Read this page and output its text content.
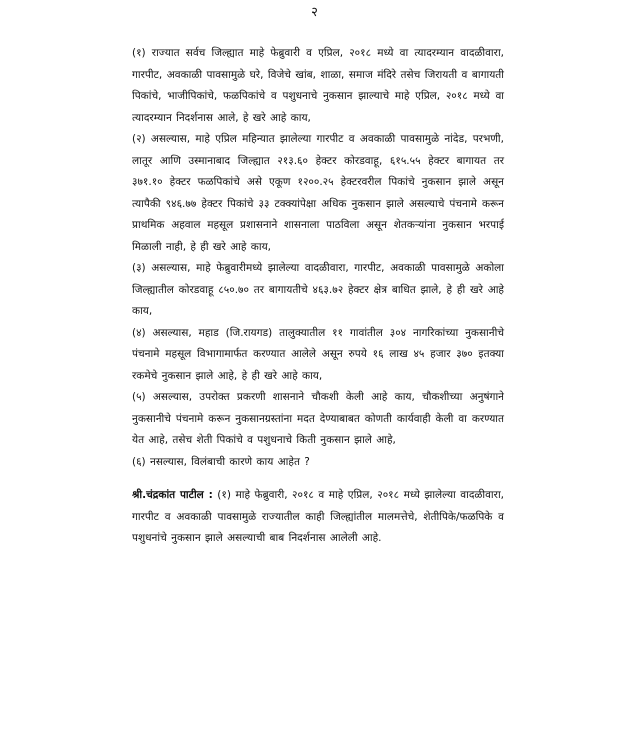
२

(१) राज्यात सर्वच जिल्ह्यात माहे फेब्रुवारी व एप्रिल, २०१८ मध्ये वा त्यादरम्यान वादळीवारा, गारपीट, अवकाळी पावसामुळे घरे, विजेचे खांब, शाळा, समाज मंदिरे तसेच जिरायती व बागायती पिकांचे, भाजीपिकांचे, फळपिकांचे व पशुधनाचे नुकसान झाल्याचे माहे एप्रिल, २०१८ मध्ये वा त्यादरम्यान निदर्शनास आले, हे खरे आहे काय,

(२) असल्यास, माहे एप्रिल महिन्यात झालेल्या गारपीट व अवकाळी पावसामुळे नांदेड, परभणी, लातूर आणि उस्मानाबाद जिल्ह्यात २१३.६० हेक्टर कोरडवाहू, ६१५.५५ हेक्टर बागायत तर ३७१.१० हेक्टर फळपिकांचे असे एकूण १२००.२५ हेक्टरवरील पिकांचे नुकसान झाले असून त्यापैकी ९४६.७७ हेक्टर पिकांचे ३३ टक्क्यांपेक्षा अधिक नुकसान झाले असल्याचे पंचनामे करून प्राथमिक अहवाल महसूल प्रशासनाने शासनाला पाठविला असून शेतकऱ्यांना नुकसान भरपाई मिळाली नाही, हे ही खरे आहे काय,

(३) असल्यास, माहे फेब्रुवारीमध्ये झालेल्या वादळीवारा, गारपीट, अवकाळी पावसामुळे अकोला जिल्ह्यातील कोरडवाहू ८५०.७० तर बागायतीचे ४६३.७२ हेक्टर क्षेत्र बाधित झाले, हे ही खरे आहे काय,

(४) असल्यास, महाड (जि.रायगड) तालुक्यातील ११ गावांतील ३०४ नागरिकांच्या नुकसानीचे पंचनामे महसूल विभागामार्फत करण्यात आलेले असून रुपये १६ लाख ४५ हजार ३७० इतक्या रकमेचे नुकसान झाले आहे, हे ही खरे आहे काय,

(५) असल्यास, उपरोक्त प्रकरणी शासनाने चौकशी केली आहे काय, चौकशीच्या अनुषंगाने नुकसानीचे पंचनामे करून नुकसानग्रस्तांना मदत देण्याबाबत कोणती कार्यवाही केली वा करण्यात येत आहे, तसेच शेती पिकांचे व पशुधनाचे किती नुकसान झाले आहे,

(६) नसल्यास, विलंबाची कारणे काय आहेत ?

श्री.चंद्रकांत पाटील : (१) माहे फेब्रुवारी, २०१८ व माहे एप्रिल, २०१८ मध्ये झालेल्या वादळीवारा, गारपीट व अवकाळी पावसामुळे राज्यातील काही जिल्ह्यांतील मालमत्तेचे, शेतीपिके/फळपिके व पशुधनांचे नुकसान झाले असल्याची बाब निदर्शनास आलेली आहे.
